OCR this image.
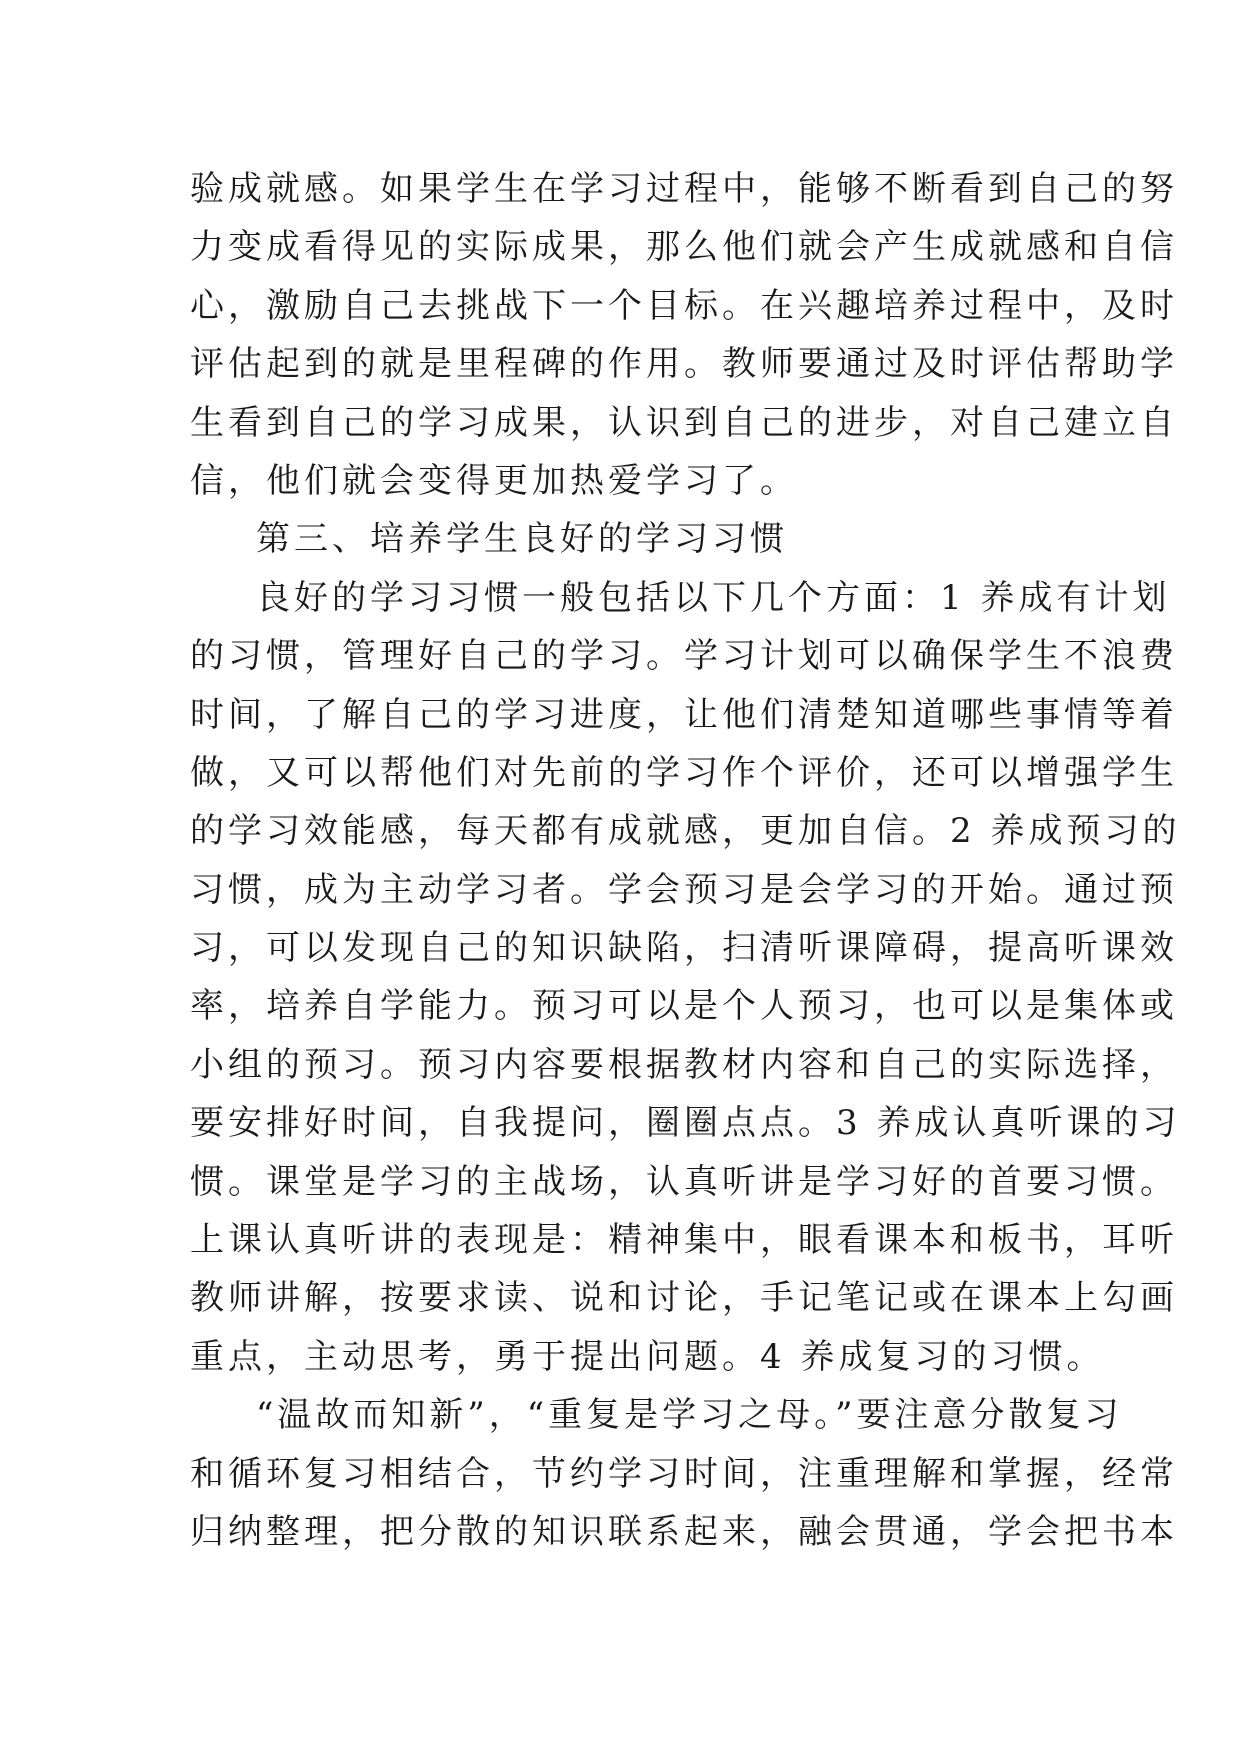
验成就感。如果学生在学习过程中，能够不断看到自己的努
力变成看得见的实际成果，那么他们就会产生成就感和自信
心，激励自己去挑战下一个目标。在兴趣培养过程中，及时
评估起到的就是里程碑的作用。教师要通过及时评估帮助学
生看到自己的学习成果，认识到自己的进步，对自己建立自
信，他们就会变得更加热爱学习了。
第三、培养学生良好的学习习惯
良好的学习习惯一般包括以下几个方面：1 养成有计划
的习惯，管理好自己的学习。学习计划可以确保学生不浪费
时间，了解自己的学习进度，让他们清楚知道哪些事情等着
做，又可以帮他们对先前的学习作个评价，还可以增强学生
的学习效能感，每天都有成就感，更加自信。2 养成预习的
习惯，成为主动学习者。学会预习是会学习的开始。通过预
习，可以发现自己的知识缺陷，扫清听课障碍，提高听课效
率，培养自学能力。预习可以是个人预习，也可以是集体或
小组的预习。预习内容要根据教材内容和自己的实际选择，
要安排好时间，自我提问，圈圈点点。3 养成认真听课的习
惯。课堂是学习的主战场，认真听讲是学习好的首要习惯。
上课认真听讲的表现是：精神集中，眼看课本和板书，耳听
教师讲解，按要求读、说和讨论，手记笔记或在课本上勾画
重点，主动思考，勇于提出问题。4 养成复习的习惯。
“温故而知新”，“重复是学习之母。”要注意分散复习
和循环复习相结合，节约学习时间，注重理解和掌握，经常
归纳整理，把分散的知识联系起来，融会贯通，学会把书本
